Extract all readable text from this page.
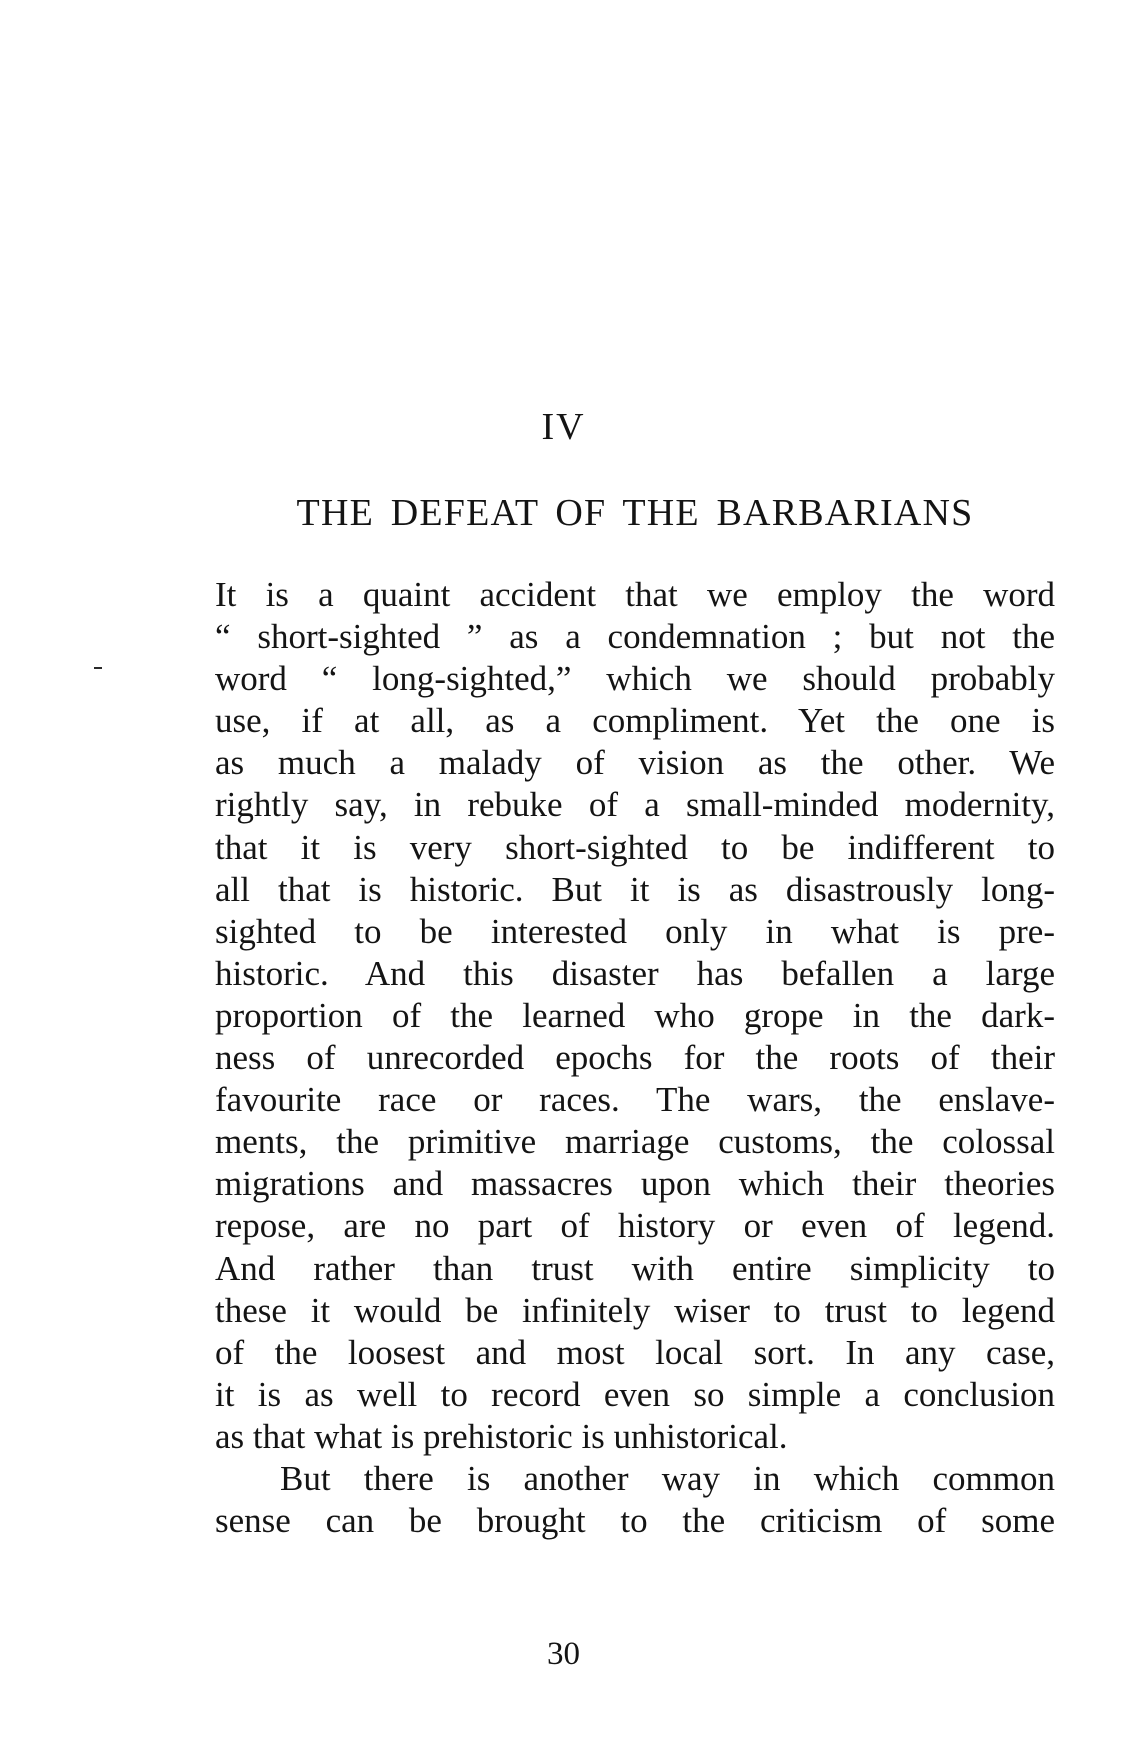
IV
THE DEFEAT OF THE BARBARIANS
It is a quaint accident that we employ the word
“ short-sighted ” as a condemnation ; but not the
word “ long-sighted,” which we should probably
use, if at all, as a compliment. Yet the one is
as much a malady of vision as the other. We
rightly say, in rebuke of a small-minded modernity,
that it is very short-sighted to be indifferent to
all that is historic. But it is as disastrously long-
sighted to be interested only in what is pre-
historic. And this disaster has befallen a large
proportion of the learned who grope in the dark-
ness of unrecorded epochs for the roots of their
favourite race or races. The wars, the enslave-
ments, the primitive marriage customs, the colossal
migrations and massacres upon which their theories
repose, are no part of history or even of legend.
And rather than trust with entire simplicity to
these it would be infinitely wiser to trust to legend
of the loosest and most local sort. In any case,
it is as well to record even so simple a conclusion
as that what is prehistoric is unhistorical.
But there is another way in which common
sense can be brought to the criticism of some
30
